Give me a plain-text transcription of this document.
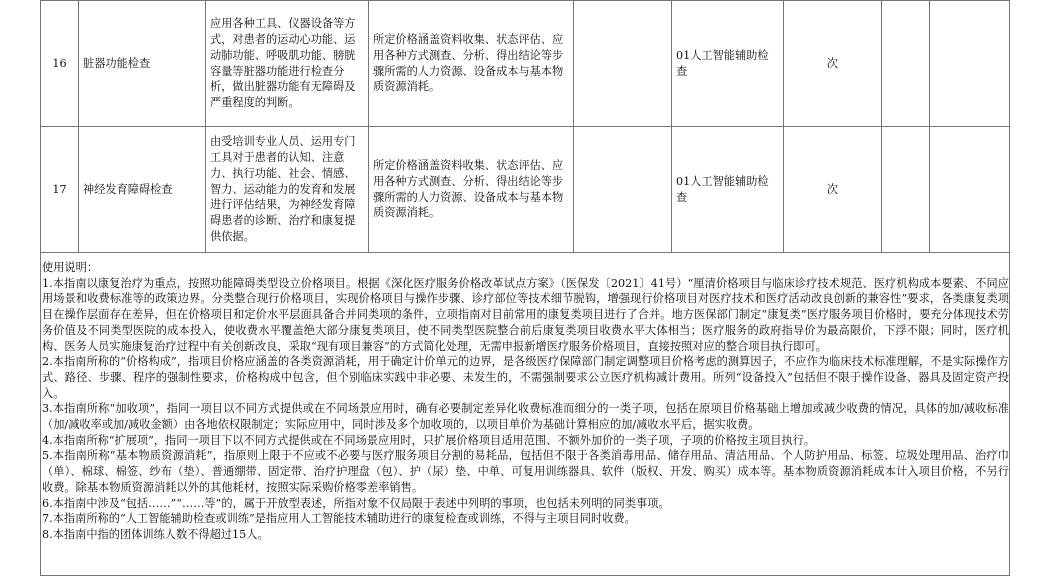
16	脏器功能检查	应用各种工具、仪器设备等方式，对患者的运动心功能、运动肺功能、呼吸肌功能、膀胱容量等脏器功能进行检查分析，做出脏器功能有无障碍及严重程度的判断。	所定价格涵盖资料收集、状态评估、应用各种方式测查、分析、得出结论等步骤所需的人力资源、设备成本与基本物质资源消耗。		01人工智能辅助检查	次		
17	神经发育障碍检查	由受培训专业人员、运用专门工具对于患者的认知、注意力、执行功能、社会、情感、智力、运动能力的发育和发展进行评估结果，为神经发育障碍患者的诊断、治疗和康复提供依据。	所定价格涵盖资料收集、状态评估、应用各种方式测查、分析、得出结论等步骤所需的人力资源、设备成本与基本物质资源消耗。		01人工智能辅助检查	次		

使用说明：

1.本指南以康复治疗为重点，按照功能障碍类型设立价格项目。根据《深化医疗服务价格改革试点方案》（医保发〔2021〕41号）“厘清价格项目与临床诊疗技术规范、医疗机构成本要素、不同应用场景和收费标准等的政策边界。分类整合现行价格项目，实现价格项目与操作步骤、诊疗部位等技术细节脱钩，增强现行价格项目对医疗技术和医疗活动改良创新的兼容性”要求，各类康复类项目在操作层面存在差异，但在价格项目和定价水平层面具备合并同类项的条件，立项指南对目前常用的康复类项目进行了合并。地方医保部门制定“康复类”医疗服务项目价格时，要充分体现技术劳务价值及不同类型医院的成本投入，使收费水平覆盖绝大部分康复类项目，使不同类型医院整合前后康复类项目收费水平大体相当；医疗服务的政府指导价为最高限价，下浮不限；同时，医疗机构、医务人员实施康复治疗过程中有关创新改良，采取“现有项目兼容”的方式简化处理，无需申报新增医疗服务价格项目，直接按照对应的整合项目执行即可。

2.本指南所称的“价格构成”，指项目价格应涵盖的各类资源消耗，用于确定计价单元的边界，是各级医疗保障部门制定调整项目价格考虑的测算因子，不应作为临床技术标准理解，不是实际操作方式、路径、步骤、程序的强制性要求，价格构成中包含，但个别临床实践中非必要、未发生的，不需强制要求公立医疗机构减计费用。所列“设备投入”包括但不限于操作设备、器具及固定资产投入。

3.本指南所称“加收项”，指同一项目以不同方式提供或在不同场景应用时，确有必要制定差异化收费标准而细分的一类子项，包括在原项目价格基础上增加或减少收费的情况，具体的加/减收标准（加/减收率或加/减收金额）由各地依权限制定；实际应用中，同时涉及多个加收项的，以项目单价为基础计算相应的加/减收水平后，据实收费。

4.本指南所称“扩展项”，指同一项目下以不同方式提供或在不同场景应用时，只扩展价格项目适用范围、不额外加价的一类子项，子项的价格按主项目执行。

5.本指南所称“基本物质资源消耗”，指原则上限于不应或不必要与医疗服务项目分割的易耗品，包括但不限于各类消毒用品、储存用品、清洁用品、个人防护用品、标签、垃圾处理用品、治疗巾（单）、棉球、棉签、纱布（垫）、普通绷带、固定带、治疗护理盘（包）、护（尿）垫、中单、可复用训练器具、软件（版权、开发、购买）成本等。基本物质资源消耗成本计入项目价格，不另行收费。除基本物质资源消耗以外的其他耗材，按照实际采购价格零差率销售。

6.本指南中涉及“包括……”“……等”的，属于开放型表述，所指对象不仅局限于表述中列明的事项，也包括未列明的同类事项。

7.本指南所称的“人工智能辅助检查或训练”是指应用人工智能技术辅助进行的康复检查或训练，不得与主项目同时收费。

8.本指南中指的团体训练人数不得超过15人。
